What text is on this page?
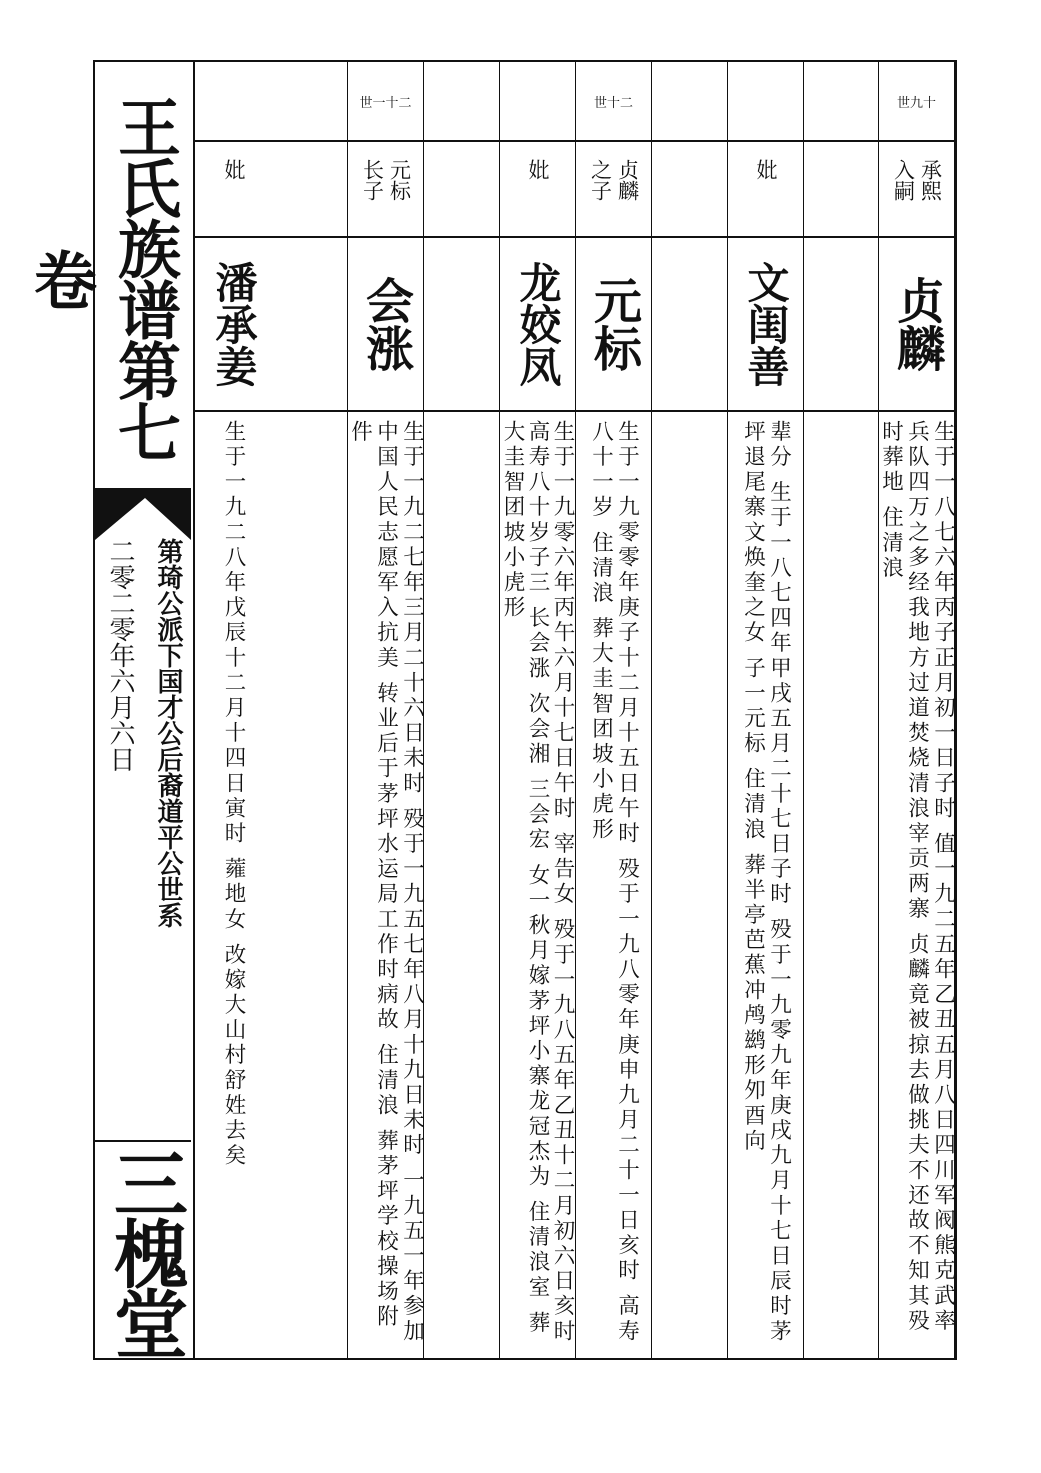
王氏族谱第七卷
第琦公派下国才公后裔道平公世系
二零二零年六月六日
三槐堂
世九十
承熙入嗣
贞麟
生于一八七六年丙子正月初一日子时 值一九二五年乙丑五月八日四川军阀熊克武率兵队四万之多经我地方过道焚烧清浪宰贡两寨 贞麟竟被掠去做挑夫不还故不知其殁时葬地 住清浪
妣
文闺善
辈分 生于一八七四年甲戌五月二十七日子时 殁于一九零九年庚戌九月十七日辰时茅坪退尾寨文焕奎之女 子一元标 住清浪 葬半亭芭蕉冲鸬鹚形夘酉向
世十二
贞麟之子
元标
生于一九零零年庚子十二月十五日午时 殁于一九八零年庚申九月二十一日亥时 高寿八十一岁 住清浪 葬大圭智团坡小虎形
妣
龙姣凤
生于一九零六年丙午六月十七日午时 宰告女 殁于一九八五年乙丑十二月初六日亥时 高寿八十岁子三 长会涨 次会湘 三会宏 女一秋月嫁茅坪小寨龙冠杰为 住清浪室 葬大圭智团坡小虎形
世一十二
元标长子
会涨
生于一九二七年三月二十六日未时 殁于一九五七年八月十九日未时 一九五一年参加中国人民志愿军入抗美 转业后于茅坪水运局工作时病故 住清浪 葬茅坪学校操场附件
妣
潘承姜
生于一九二八年戊辰十二月十四日寅时 蕹地女 改嫁大山村舒姓去矣
